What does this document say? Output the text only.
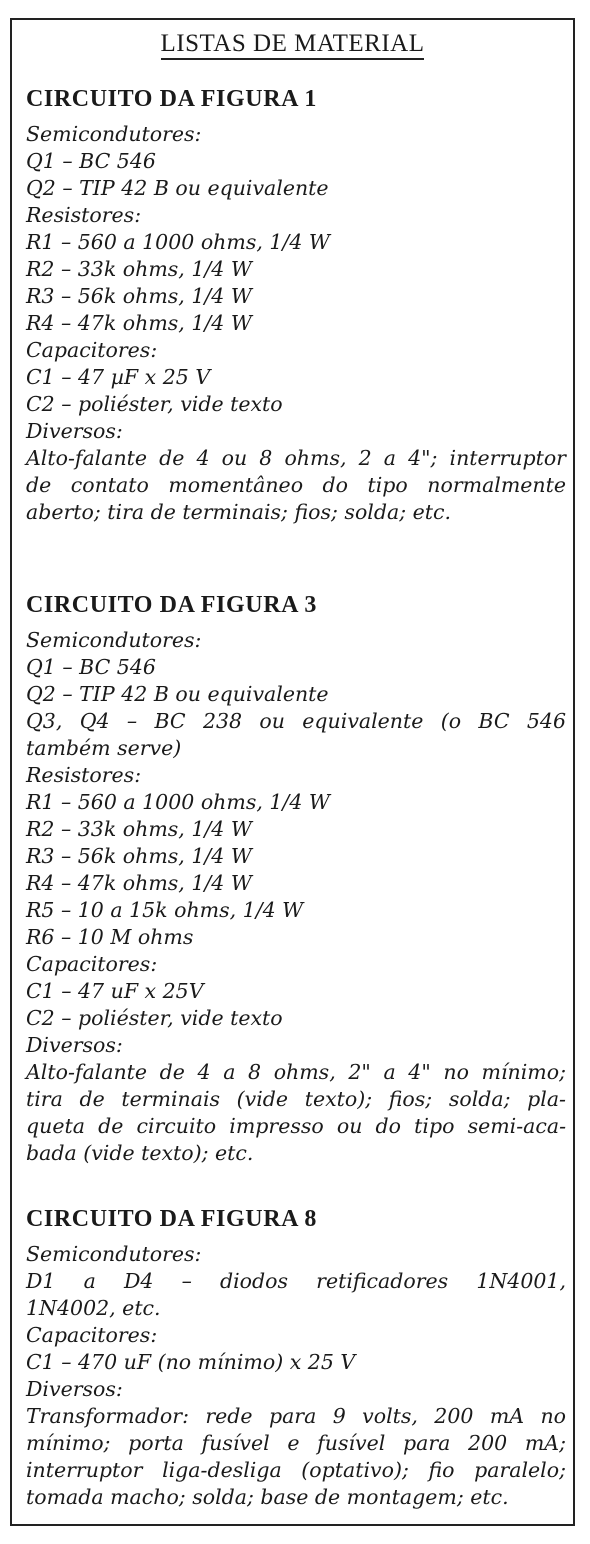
LISTAS DE MATERIAL
CIRCUITO DA FIGURA 1
Semicondutores:
Q1 – BC 546
Q2 – TIP 42 B ou equivalente
Resistores:
R1 – 560 a 1000 ohms, 1/4 W
R2 – 33k ohms, 1/4 W
R3 – 56k ohms, 1/4 W
R4 – 47k ohms, 1/4 W
Capacitores:
C1 – 47 µF x 25 V
C2 – poliéster, vide texto
Diversos:
Alto-falante de 4 ou 8 ohms, 2 a 4"; interruptor
de contato momentâneo do tipo normalmente
aberto; tira de terminais; fios; solda; etc.
CIRCUITO DA FIGURA 3
Semicondutores:
Q1 – BC 546
Q2 – TIP 42 B ou equivalente
Q3, Q4 – BC 238 ou equivalente (o BC 546
também serve)
Resistores:
R1 – 560 a 1000 ohms, 1/4 W
R2 – 33k ohms, 1/4 W
R3 – 56k ohms, 1/4 W
R4 – 47k ohms, 1/4 W
R5 – 10 a 15k ohms, 1/4 W
R6 – 10 M ohms
Capacitores:
C1 – 47 uF x 25V
C2 – poliéster, vide texto
Diversos:
Alto-falante de 4 a 8 ohms, 2" a 4" no mínimo;
tira de terminais (vide texto); fios; solda; pla-
queta de circuito impresso ou do tipo semi-aca-
bada (vide texto); etc.
CIRCUITO DA FIGURA 8
Semicondutores:
D1 a D4 – diodos retificadores 1N4001,
1N4002, etc.
Capacitores:
C1 – 470 uF (no mínimo) x 25 V
Diversos:
Transformador: rede para 9 volts, 200 mA no
mínimo; porta fusível e fusível para 200 mA;
interruptor liga-desliga (optativo); fio paralelo;
tomada macho; solda; base de montagem; etc.
